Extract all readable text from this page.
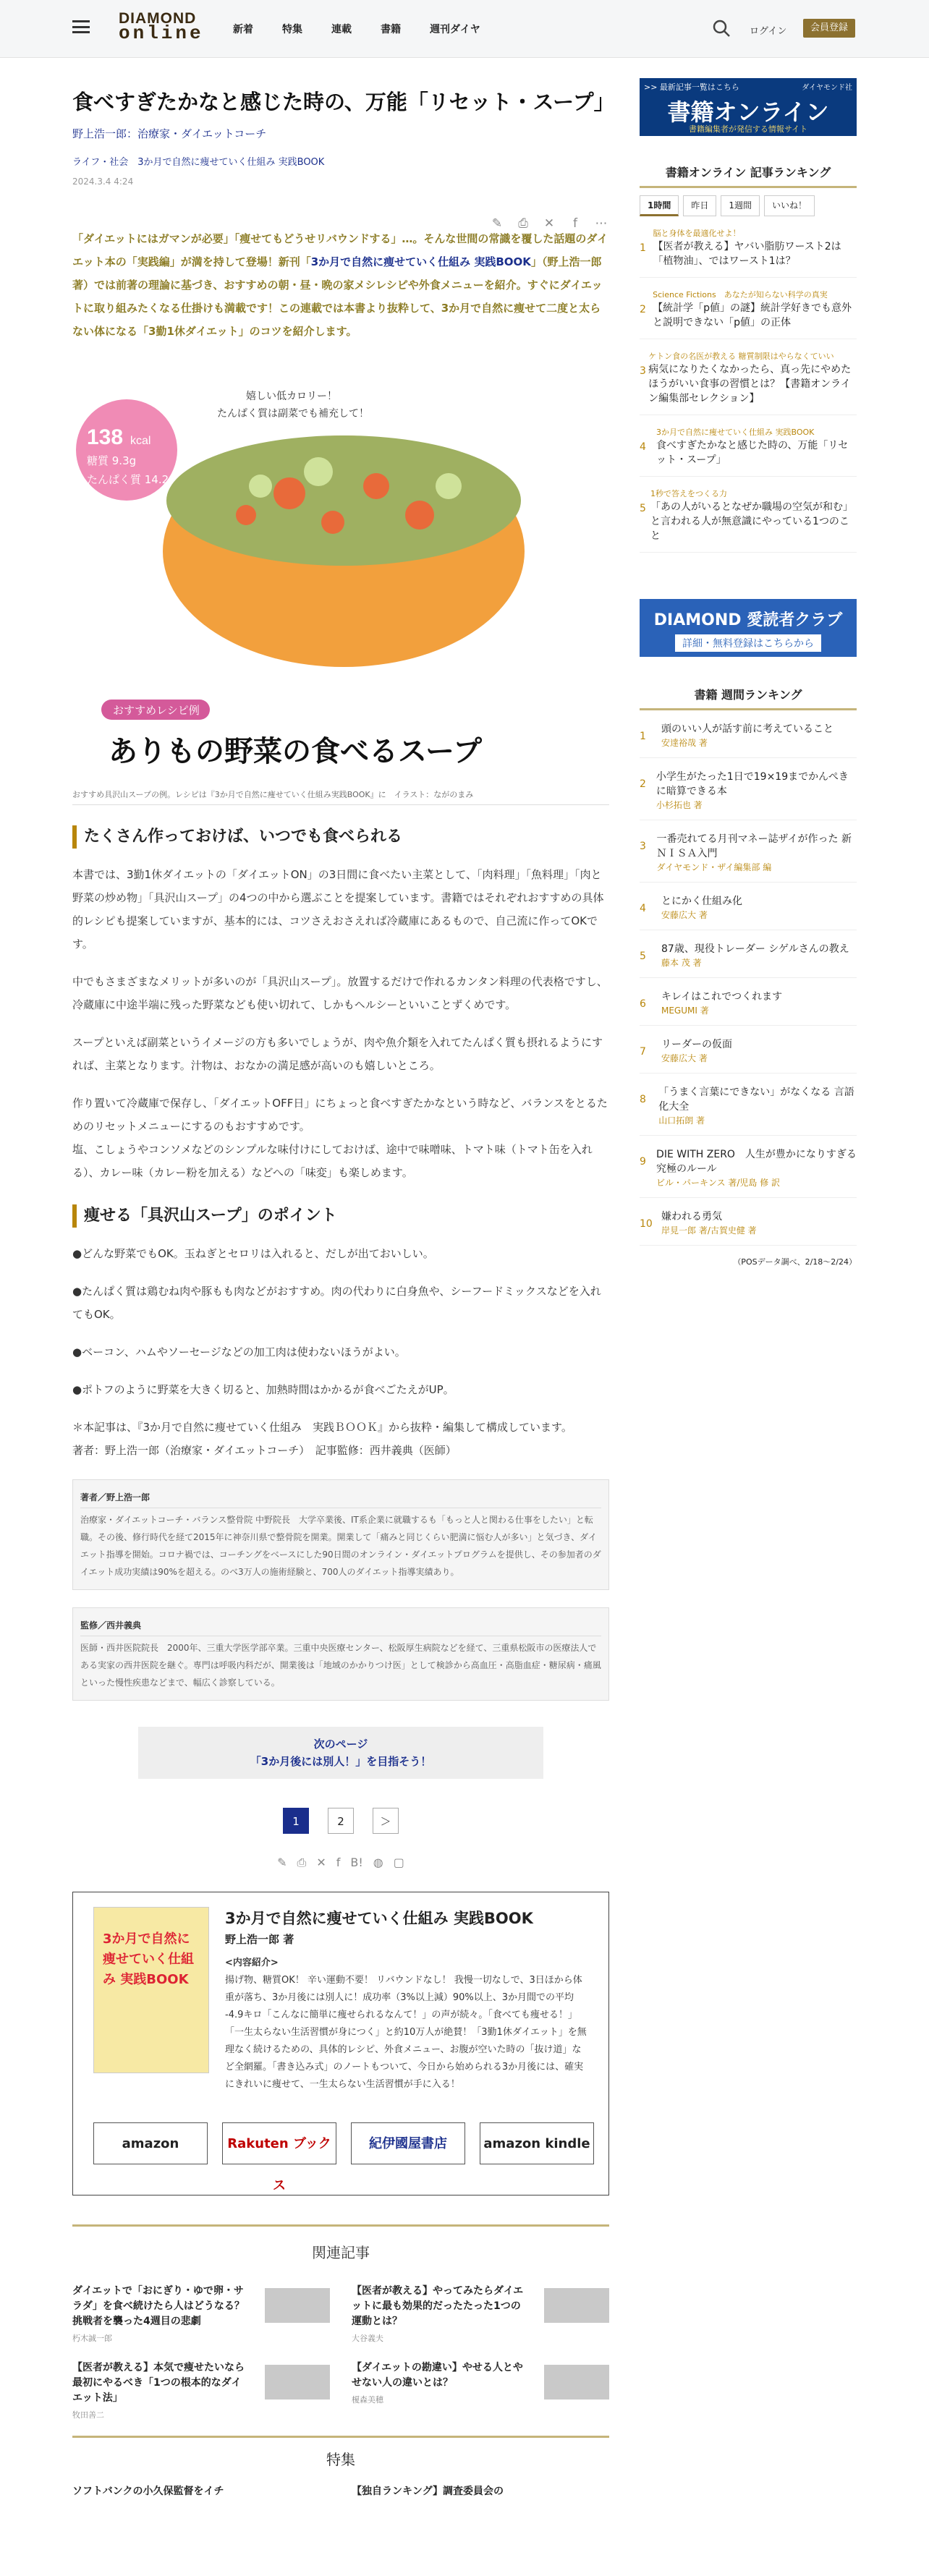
DIAMOND
online	新着	特集	連載	書籍	週刊ダイヤ	ログイン	会員登録
食べすぎたかなと感じた時の、万能「リセット・スープ」
野上浩一郎：治療家・ダイエットコーチ
ライフ・社会　3か月で自然に痩せていく仕組み 実践BOOK
2024.3.4 4:24
✎ ⎙ ✕	f	⋯
「ダイエットにはガマンが必要」「痩せてもどうせリバウンドする」…。そんな世間の常識を覆した話題のダイエット本の「実践編」が満を持して登場！新刊「3か月で自然に痩せていく仕組み 実践BOOK」（野上浩一郎著）では前著の理論に基づき、おすすめの朝・昼・晩の家メシレシピや外食メニューを紹介。すぐにダイエットに取り組みたくなる仕掛けも満載です！この連載では本書より抜粋して、3か月で自然に痩せて二度と太らない体になる「3勤1休ダイエット」のコツを紹介します。
138 kcal
糖質 9.3g
たんぱく質 14.2g
嬉しい低カロリー！
たんぱく質は副菜でも補充して！
おすすめレシピ例
ありもの野菜の食べるスープ
おすすめ具沢山スープの例。レシピは『3か月で自然に痩せていく仕組み実践BOOK』に　イラスト：ながのまみ
たくさん作っておけば、いつでも食べられる

本書では、3勤1休ダイエットの「ダイエットON」の3日間に食べたい主菜として、「肉料理」「魚料理」「肉と野菜の炒め物」「具沢山スープ」の4つの中から選ぶことを提案しています。書籍ではそれぞれおすすめの具体的レシピも提案していますが、基本的には、コツさえおさえれば冷蔵庫にあるもので、自己流に作ってOKです。

中でもさまざまなメリットが多いのが「具沢山スープ」。放置するだけで作れるカンタン料理の代表格ですし、冷蔵庫に中途半端に残った野菜なども使い切れて、しかもヘルシーといいことずくめです。

スープといえば副菜というイメージの方も多いでしょうが、肉や魚介類を入れてたんぱく質も摂れるようにすれば、主菜となります。汁物は、おなかの満足感が高いのも嬉しいところ。

作り置いて冷蔵庫で保存し、「ダイエットOFF日」にちょっと食べすぎたかなという時など、バランスをとるためのリセットメニューにするのもおすすめです。

塩、こしょうやコンソメなどのシンプルな味付けにしておけば、途中で味噌味、トマト味（トマト缶を入れる）、カレー味（カレー粉を加える）などへの「味変」も楽しめます。

痩せる「具沢山スープ」のポイント

●どんな野菜でもOK。玉ねぎとセロリは入れると、だしが出ておいしい。

●たんぱく質は鶏むね肉や豚もも肉などがおすすめ。肉の代わりに白身魚や、シーフードミックスなどを入れてもOK。

●ベーコン、ハムやソーセージなどの加工肉は使わないほうがよい。

●ポトフのように野菜を大きく切ると、加熱時間はかかるが食べごたえがUP。

＊本記事は、『3か月で自然に痩せていく仕組み　実践ＢＯＯＫ』から抜粋・編集して構成しています。

著者：野上浩一郎（治療家・ダイエットコーチ）　記事監修：西井義典（医師）

著者／野上浩一郎
治療家・ダイエットコーチ・バランス整骨院 中野院長　大学卒業後、IT系企業に就職するも「もっと人と関わる仕事をしたい」と転職。その後、修行時代を経て2015年に神奈川県で整骨院を開業。開業して「痛みと同じくらい肥満に悩む人が多い」と気づき、ダイエット指導を開始。コロナ禍では、コーチングをベースにした90日間のオンライン・ダイエットプログラムを提供し、その参加者のダイエット成功実績は90%を超える。のべ3万人の施術経験と、700人のダイエット指導実績あり。
監修／西井義典
医師・西井医院院長　2000年、三重大学医学部卒業。三重中央医療センター、松阪厚生病院などを経て、三重県松阪市の医療法人である実家の西井医院を継ぐ。専門は呼吸内科だが、開業後は「地域のかかりつけ医」として検診から高血圧・高脂血症・糖尿病・痛風といった慢性疾患などまで、幅広く診察している。
次のページ
「3か月後には別人！」を目指そう！
1	2	＞
✎ ⎙ ✕ f B! ◍ ▢
3か月で自然に痩せていく仕組み 実践BOOK
3か月で自然に痩せていく仕組み 実践BOOK
野上浩一郎 著
<内容紹介>
揚げ物、糖質OK！ 辛い運動不要！ リバウンドなし！ 我慢一切なしで、3日ほから体重が落ち、3か月後には別人に！成功率（3%以上減）90%以上、3か月間での平均 -4.9キロ「こんなに簡単に痩せられるなんて！」の声が続々。「食べても痩せる！」「一生太らない生活習慣が身につく」と約10万人が絶賛！「3勤1休ダイエット」を無理なく続けるための、具体的レシピ、外食メニュー、お腹が空いた時の「抜け道」など全網羅。「書き込み式」のノートもついて、今日から始められる3か月後には、確実にきれいに痩せて、一生太らない生活習慣が手に入る！
amazon	Rakuten ブックス
紀伊國屋書店	amazon kindle
関連記事
ダイエットで「おにぎり・ゆで卵・サラダ」を食べ続けたら人はどうなる？挑戦者を襲った4週目の悲劇
朽木誠一郎
【医者が教える】やってみたらダイエットに最も効果的だったたった1つの運動とは？
大谷義夫
【医者が教える】本気で痩せたいなら最初にやるべき「1つの根本的なダイエット法」
牧田善二
【ダイエットの勘違い】やせる人とやせない人の違いとは？
榎森美穂
特集
ソフトバンクの小久保監督をイチ	【独自ランキング】調査委員会の
>> 最新記事一覧はこちら	ダイヤモンド社
書籍オンライン
書籍編集者が発信する情報サイト
書籍オンライン 記事ランキング
1時間	昨日	1週間	いいね！
1
脳と身体を最適化せよ！
【医者が教える】ヤバい脂肪ワースト2は「植物油」、ではワースト1は？
2
Science Fictions　あなたが知らない科学の真実
【統計学「p値」の謎】統計学好きでも意外と説明できない「p値」の正体
3
ケトン食の名医が教える 糖質制限はやらなくていい
病気になりたくなかったら、真っ先にやめたほうがいい食事の習慣とは？【書籍オンライン編集部セレクション】
4
3か月で自然に痩せていく仕組み 実践BOOK
食べすぎたかなと感じた時の、万能「リセット・スープ」
5
1秒で答えをつくる力
「あの人がいるとなぜか職場の空気が和む」と言われる人が無意識にやっている1つのこと
DIAMOND 愛読者クラブ
詳細・無料登録はこちらから
書籍 週間ランキング
1
頭のいい人が話す前に考えていること
安達裕哉 著
2
小学生がたった1日で19×19までかんぺきに暗算できる本
小杉拓也 著
3
一番売れてる月刊マネー誌ザイが作った 新ＮＩＳＡ入門
ダイヤモンド・ザイ編集部 編
4
とにかく仕組み化
安藤広大 著
5
87歳、現役トレーダー シゲルさんの教え
藤本 茂 著
6
キレイはこれでつくれます
MEGUMI 著
7
リーダーの仮面
安藤広大 著
8
「うまく言葉にできない」がなくなる 言語化大全
山口拓朗 著
9
DIE WITH ZERO　人生が豊かになりすぎる究極のルール
ビル・パーキンス 著/児島 修 訳
10
嫌われる勇気
岸見一郎 著/古賀史健 著
（POSデータ調べ、2/18〜2/24）
